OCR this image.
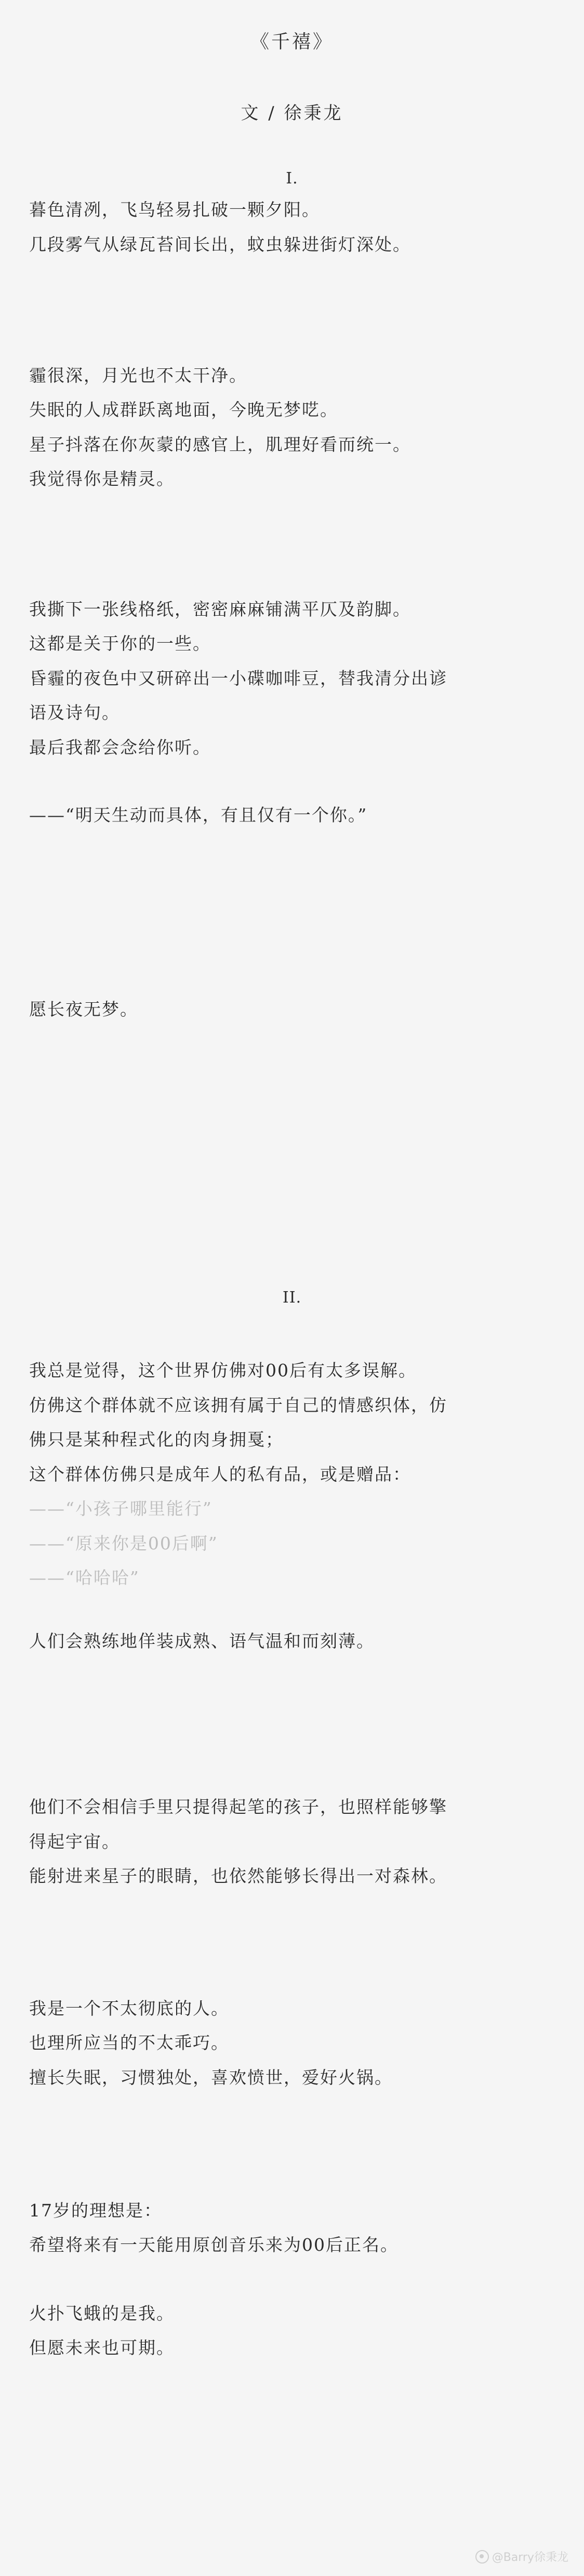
《千禧》
文 / 徐秉龙
I.
暮色清冽，飞鸟轻易扎破一颗夕阳。
几段雾气从绿瓦苔间长出，蚊虫躲进街灯深处。
霾很深，月光也不太干净。
失眠的人成群跃离地面，今晚无梦呓。
星子抖落在你灰蒙的感官上，肌理好看而统一。
我觉得你是精灵。
我撕下一张线格纸，密密麻麻铺满平仄及韵脚。
这都是关于你的一些。
昏霾的夜色中又研碎出一小碟咖啡豆，替我清分出谚
语及诗句。
最后我都会念给你听。
——“明天生动而具体，有且仅有一个你。”
愿长夜无梦。
II.
我总是觉得，这个世界仿佛对00后有太多误解。
仿佛这个群体就不应该拥有属于自己的情感织体，仿
佛只是某种程式化的肉身拥戛；
这个群体仿佛只是成年人的私有品，或是赠品：
——“小孩子哪里能行”
——“原来你是00后啊”
——“哈哈哈”
人们会熟练地佯装成熟、语气温和而刻薄。
他们不会相信手里只提得起笔的孩子，也照样能够擎
得起宇宙。
能射进来星子的眼睛，也依然能够长得出一对森林。
我是一个不太彻底的人。
也理所应当的不太乖巧。
擅长失眠，习惯独处，喜欢愤世，爱好火锅。
17岁的理想是：
希望将来有一天能用原创音乐来为00后正名。
火扑飞蛾的是我。
但愿未来也可期。
@Barry徐秉龙
